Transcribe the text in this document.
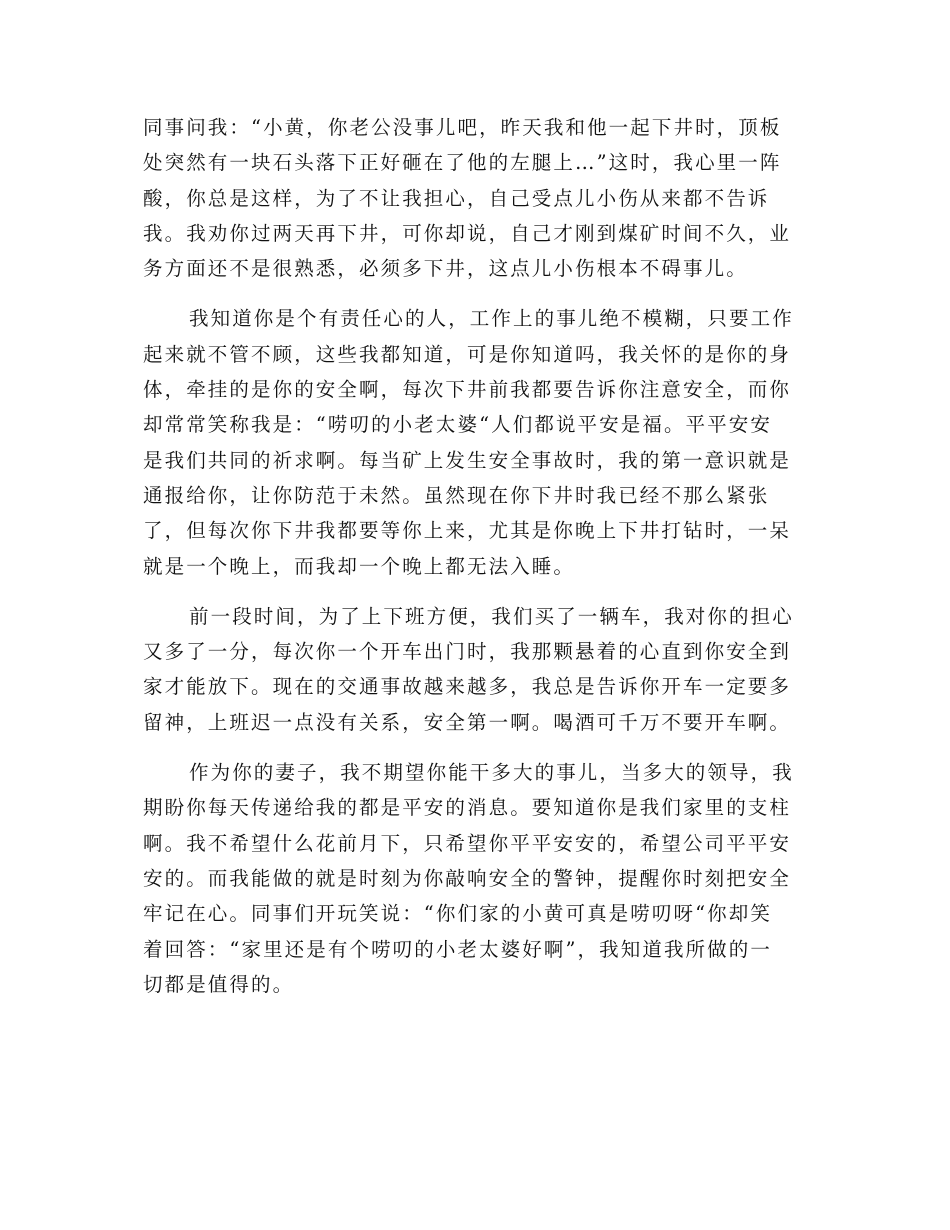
同事问我：“小黄，你老公没事儿吧，昨天我和他一起下井时，顶板
处突然有一块石头落下正好砸在了他的左腿上…”这时，我心里一阵
酸，你总是这样，为了不让我担心，自己受点儿小伤从来都不告诉
我。我劝你过两天再下井，可你却说，自己才刚到煤矿时间不久，业
务方面还不是很熟悉，必须多下井，这点儿小伤根本不碍事儿。
我知道你是个有责任心的人，工作上的事儿绝不模糊，只要工作
起来就不管不顾，这些我都知道，可是你知道吗，我关怀的是你的身
体，牵挂的是你的安全啊，每次下井前我都要告诉你注意安全，而你
却常常笑称我是：“唠叨的小老太婆“人们都说平安是福。平平安安
是我们共同的祈求啊。每当矿上发生安全事故时，我的第一意识就是
通报给你，让你防范于未然。虽然现在你下井时我已经不那么紧张
了，但每次你下井我都要等你上来，尤其是你晚上下井打钻时，一呆
就是一个晚上，而我却一个晚上都无法入睡。
前一段时间，为了上下班方便，我们买了一辆车，我对你的担心
又多了一分，每次你一个开车出门时，我那颗悬着的心直到你安全到
家才能放下。现在的交通事故越来越多，我总是告诉你开车一定要多
留神，上班迟一点没有关系，安全第一啊。喝酒可千万不要开车啊。
作为你的妻子，我不期望你能干多大的事儿，当多大的领导，我
期盼你每天传递给我的都是平安的消息。要知道你是我们家里的支柱
啊。我不希望什么花前月下，只希望你平平安安的，希望公司平平安
安的。而我能做的就是时刻为你敲响安全的警钟，提醒你时刻把安全
牢记在心。同事们开玩笑说：“你们家的小黄可真是唠叨呀“你却笑
着回答：“家里还是有个唠叨的小老太婆好啊”，我知道我所做的一
切都是值得的。
